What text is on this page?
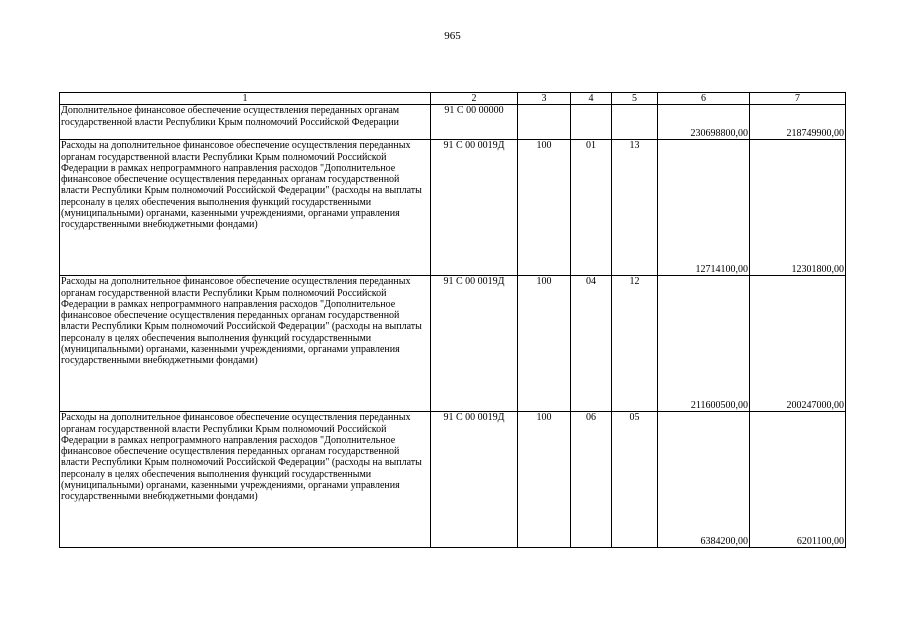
965
1	2	3	4	5	6	7
Дополнительное финансовое обеспечение осуществления переданных органам государственной власти Республики Крым полномочий Российской Федерации	91 С 00 00000				230698800,00	218749900,00
Расходы на дополнительное финансовое обеспечение осуществления переданных органам государственной власти Республики Крым полномочий Российской Федерации в рамках непрограммного направления расходов "Дополнительное финансовое обеспечение осуществления переданных органам государственной власти Республики Крым полномочий Российской Федерации" (расходы на выплаты персоналу в целях обеспечения выполнения функций государственными (муниципальными) органами, казенными учреждениями, органами управления государственными внебюджетными фондами)	91 С 00 0019Д	100	01	13	12714100,00	12301800,00
Расходы на дополнительное финансовое обеспечение осуществления переданных органам государственной власти Республики Крым полномочий Российской Федерации в рамках непрограммного направления расходов "Дополнительное финансовое обеспечение осуществления переданных органам государственной власти Республики Крым полномочий Российской Федерации" (расходы на выплаты персоналу в целях обеспечения выполнения функций государственными (муниципальными) органами, казенными учреждениями, органами управления государственными внебюджетными фондами)	91 С 00 0019Д	100	04	12	211600500,00	200247000,00
Расходы на дополнительное финансовое обеспечение осуществления переданных органам государственной власти Республики Крым полномочий Российской Федерации в рамках непрограммного направления расходов "Дополнительное финансовое обеспечение осуществления переданных органам государственной власти Республики Крым полномочий Российской Федерации" (расходы на выплаты персоналу в целях обеспечения выполнения функций государственными (муниципальными) органами, казенными учреждениями, органами управления государственными внебюджетными фондами)	91 С 00 0019Д	100	06	05	6384200,00	6201100,00
